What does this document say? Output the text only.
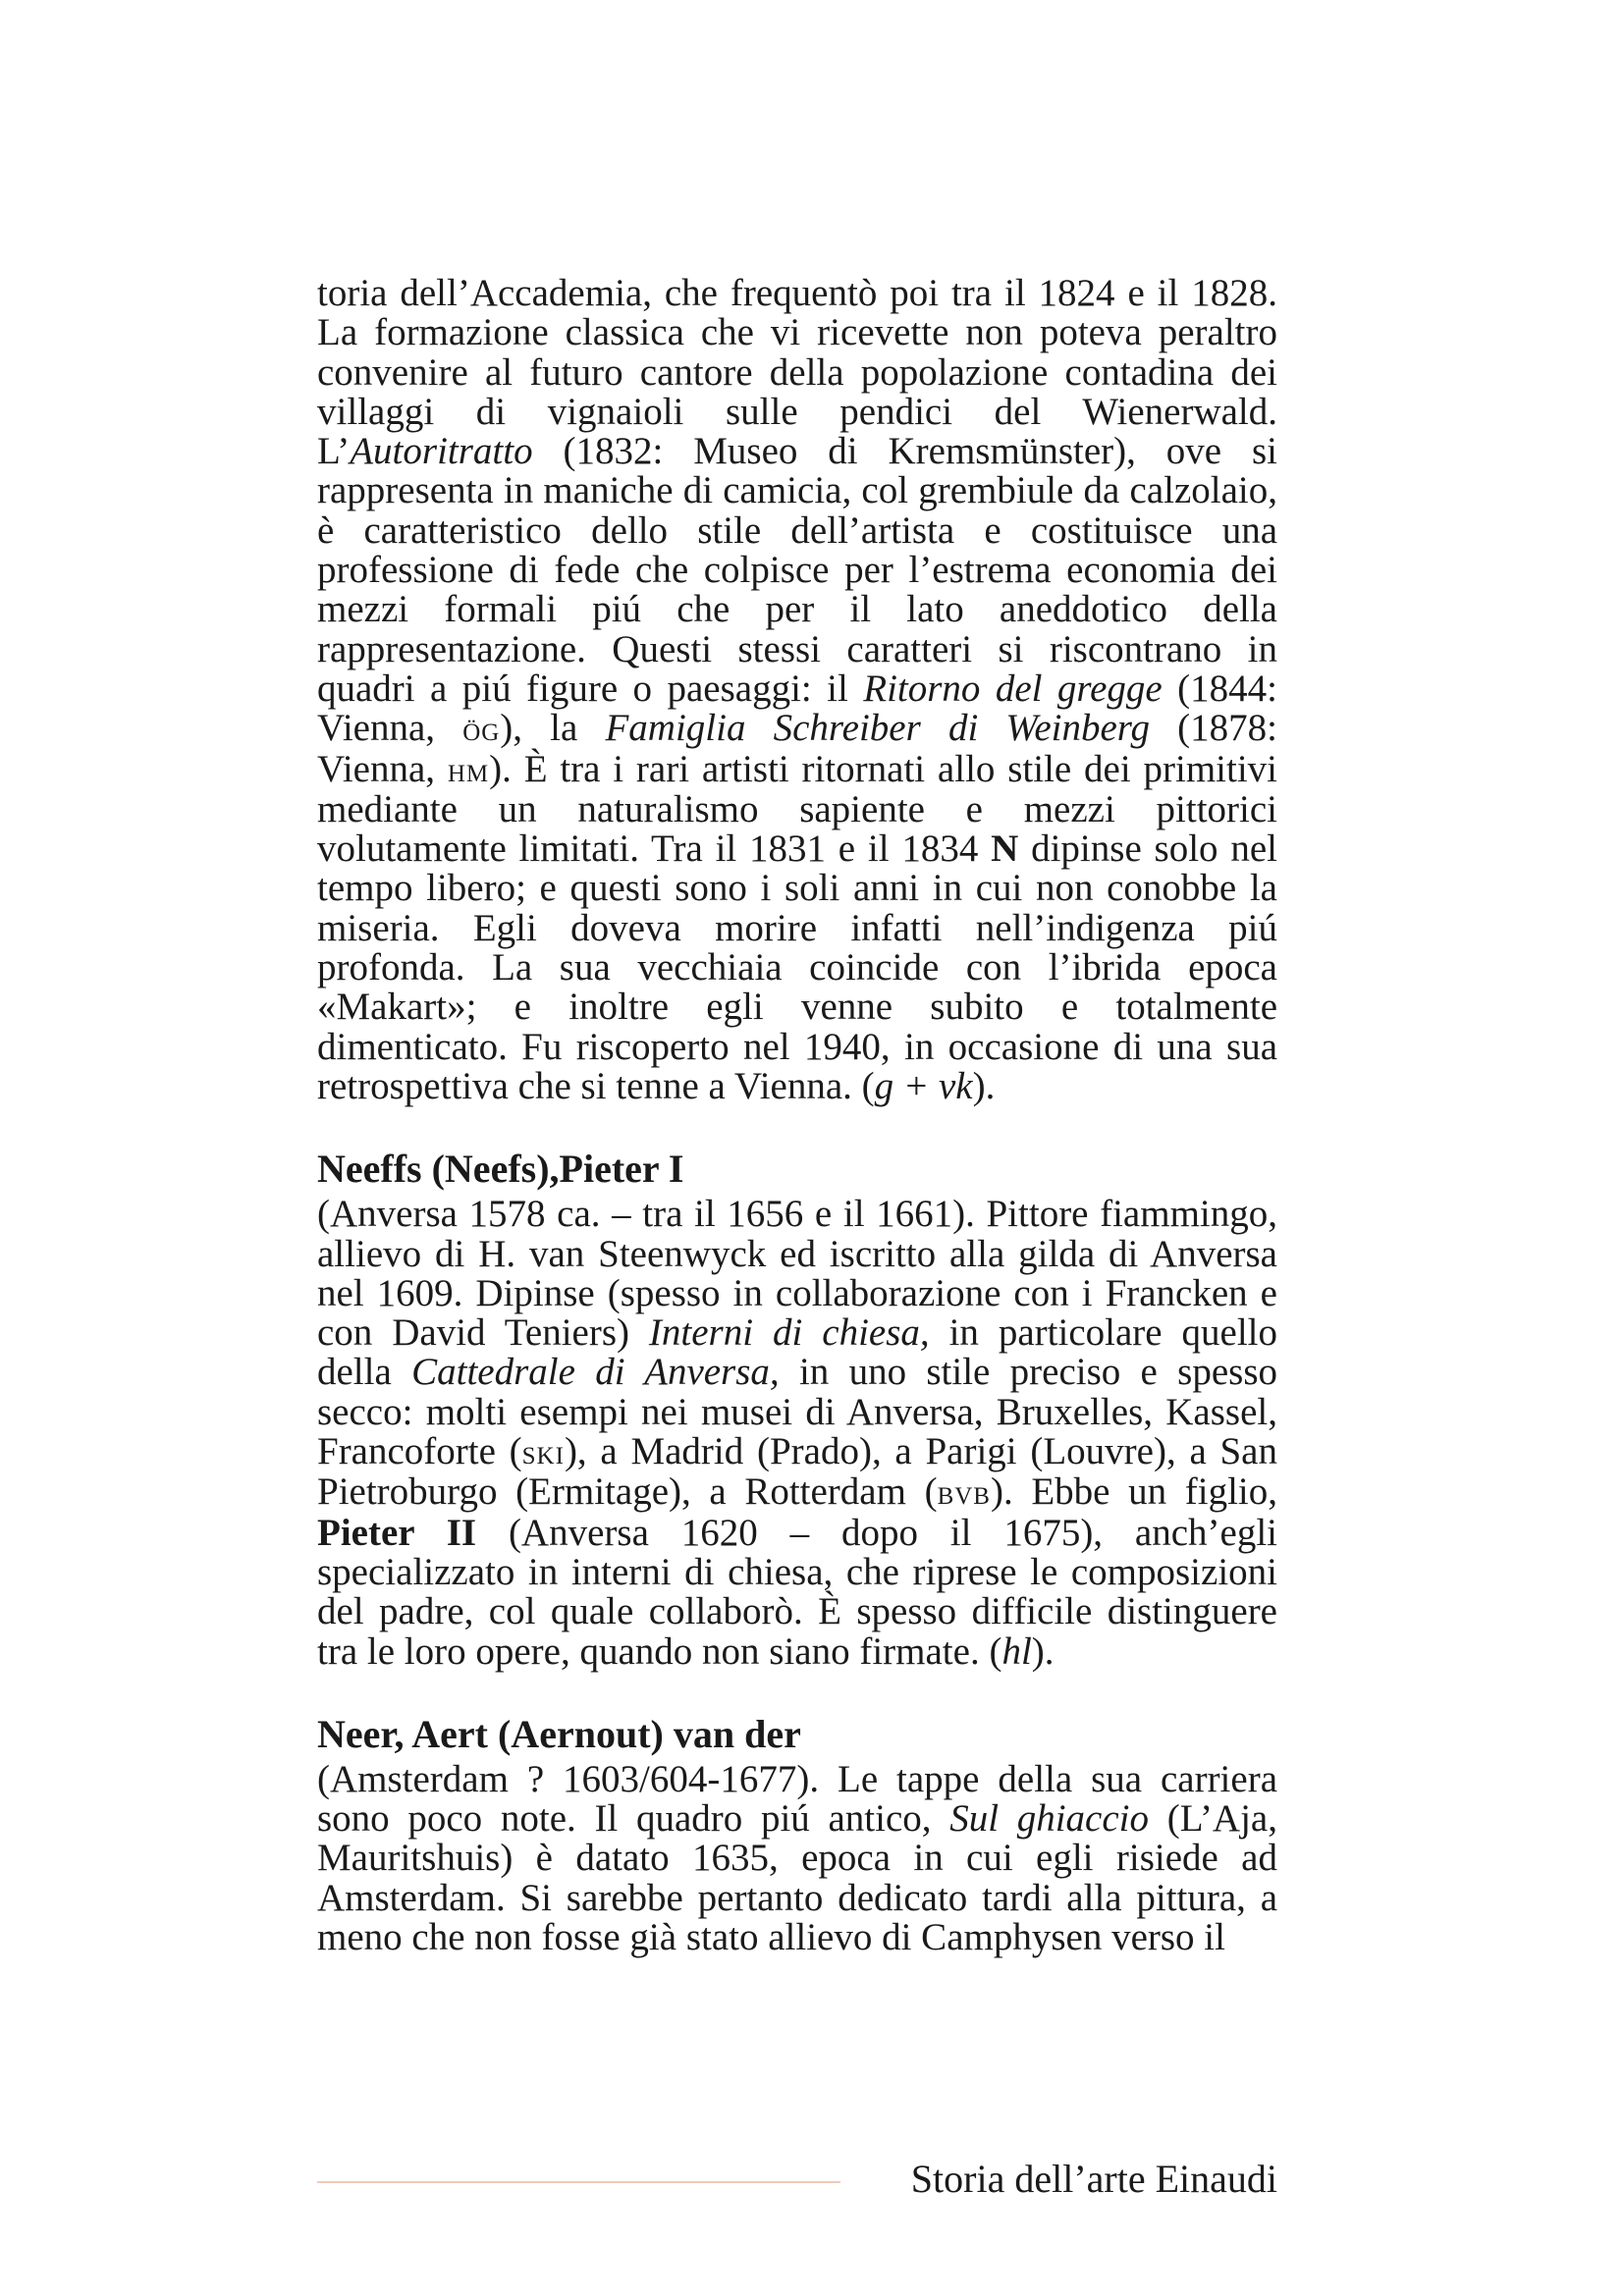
toria dell’Accademia, che frequentò poi tra il 1824 e il 1828. La formazione classica che vi ricevette non poteva peraltro convenire al futuro cantore della popolazione contadina dei villaggi di vignaioli sulle pendici del Wienerwald. L’Autoritratto (1832: Museo di Kremsmünster), ove si rappresenta in maniche di camicia, col grembiule da calzolaio, è caratteristico dello stile dell’artista e costituisce una professione di fede che colpisce per l’estrema economia dei mezzi formali piú che per il lato aneddotico della rappresentazione. Questi stessi caratteri si riscontrano in quadri a piú figure o paesaggi: il Ritorno del gregge (1844: Vienna, ög), la Famiglia Schreiber di Weinberg (1878: Vienna, hm). È tra i rari artisti ritornati allo stile dei primitivi mediante un naturalismo sapiente e mezzi pittorici volutamente limitati. Tra il 1831 e il 1834 N dipinse solo nel tempo libero; e questi sono i soli anni in cui non conobbe la miseria. Egli doveva morire infatti nell’indigenza piú profonda. La sua vecchiaia coincide con l’ibrida epoca «Makart»; e inoltre egli venne subito e totalmente dimenticato. Fu riscoperto nel 1940, in occasione di una sua retrospettiva che si tenne a Vienna. (g + vk).

Neeffs (Neefs),Pieter I

(Anversa 1578 ca. – tra il 1656 e il 1661). Pittore fiammingo, allievo di H. van Steenwyck ed iscritto alla gilda di Anversa nel 1609. Dipinse (spesso in collaborazione con i Francken e con David Teniers) Interni di chiesa, in particolare quello della Cattedrale di Anversa, in uno stile preciso e spesso secco: molti esempi nei musei di Anversa, Bruxelles, Kassel, Francoforte (ski), a Madrid (Prado), a Parigi (Louvre), a San Pietroburgo (Ermitage), a Rotterdam (bvb). Ebbe un figlio, Pieter II (Anversa 1620 – dopo il 1675), anch’egli specializzato in interni di chiesa, che riprese le composizioni del padre, col quale collaborò. È spesso difficile distinguere tra le loro opere, quando non siano firmate. (hl).

Neer, Aert (Aernout) van der

(Amsterdam ? 1603/604-1677). Le tappe della sua carriera sono poco note. Il quadro piú antico, Sul ghiaccio (L’Aja, Mauritshuis) è datato 1635, epoca in cui egli risiede ad Amsterdam. Si sarebbe pertanto dedicato tardi alla pittura, a meno che non fosse già stato allievo di Camphysen verso il

Storia dell’arte Einaudi
